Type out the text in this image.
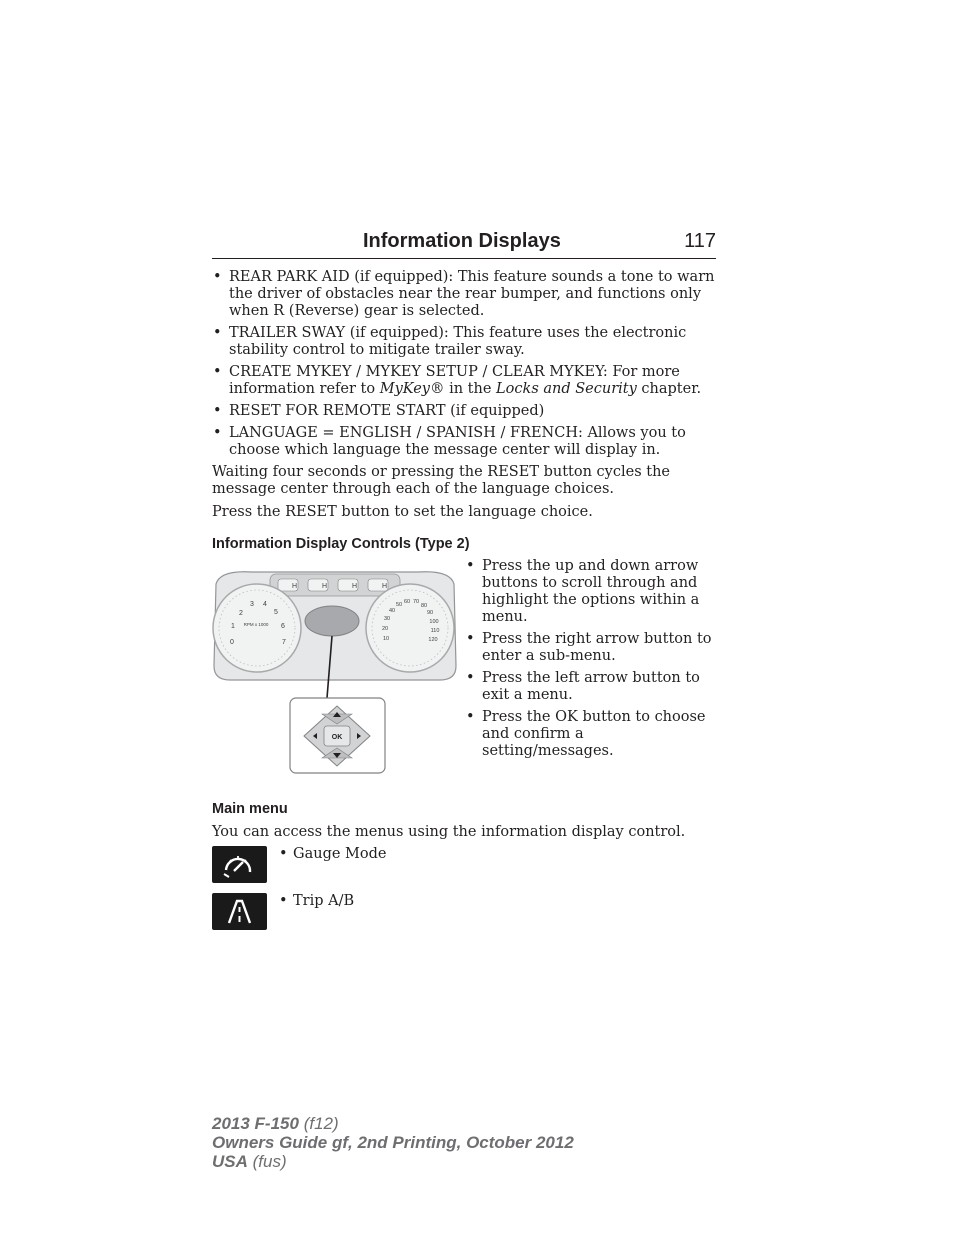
Information Displays	117
• REAR PARK AID (if equipped): This feature sounds a tone to warn the driver of obstacles near the rear bumper, and functions only when R (Reverse) gear is selected.
• TRAILER SWAY (if equipped): This feature uses the electronic stability control to mitigate trailer sway.
• CREATE MYKEY / MYKEY SETUP / CLEAR MYKEY: For more information refer to MyKey® in the Locks and Security chapter.
• RESET FOR REMOTE START (if equipped)
• LANGUAGE = ENGLISH / SPANISH / FRENCH: Allows you to choose which language the message center will display in.

Waiting four seconds or pressing the RESET button cycles the message center through each of the language choices.

Press the RESET button to set the language choice.

Information Display Controls (Type 2)
H	H	H	H
0
1
2
3 4
5
6
7
RPM x 1000
10
20
30
40
50 60 70
80
90
100
110
120
OK
• Press the up and down arrow buttons to scroll through and highlight the options within a menu.
• Press the right arrow button to enter a sub-menu.
• Press the left arrow button to exit a menu.
• Press the OK button to choose and confirm a setting/messages.
Main menu

You can access the menus using the information display control.

• Gauge Mode
• Trip A/B
2013 F-150 (f12)
Owners Guide gf, 2nd Printing, October 2012
USA (fus)
